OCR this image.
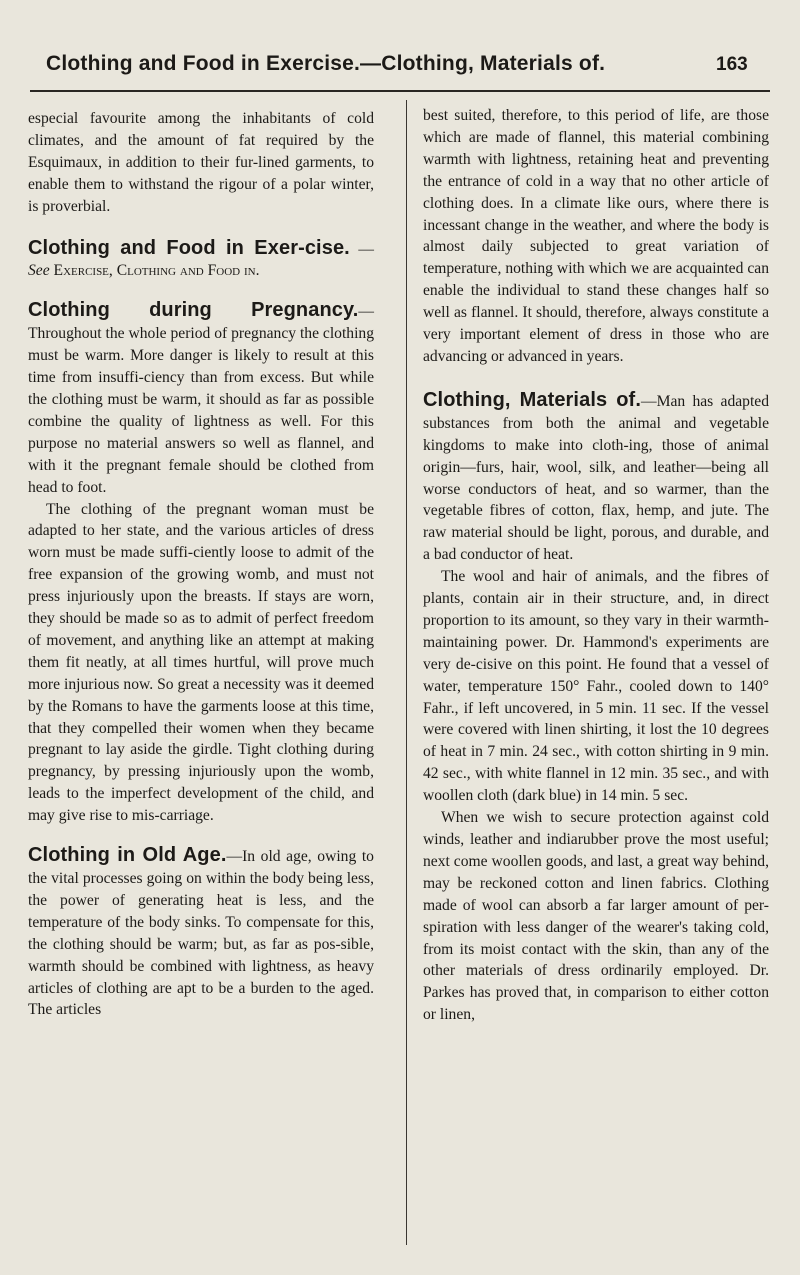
Clothing and Food in Exercise.—Clothing, Materials of.	163

especial favourite among the inhabitants of cold climates, and the amount of fat required by the Esquimaux, in addition to their fur-lined garments, to enable them to withstand the rigour of a polar winter, is proverbial.

Clothing and Food in Exer-cise. — See Exercise, Clothing and Food in.

Clothing during Pregnancy.— Throughout the whole period of pregnancy the clothing must be warm. More danger is likely to result at this time from insuffi-ciency than from excess. But while the clothing must be warm, it should as far as possible combine the quality of lightness as well. For this purpose no material answers so well as flannel, and with it the pregnant female should be clothed from head to foot.

The clothing of the pregnant woman must be adapted to her state, and the various articles of dress worn must be made suffi-ciently loose to admit of the free expansion of the growing womb, and must not press injuriously upon the breasts. If stays are worn, they should be made so as to admit of perfect freedom of movement, and anything like an attempt at making them fit neatly, at all times hurtful, will prove much more injurious now. So great a necessity was it deemed by the Romans to have the garments loose at this time, that they compelled their women when they became pregnant to lay aside the girdle. Tight clothing during pregnancy, by pressing injuriously upon the womb, leads to the imperfect development of the child, and may give rise to mis-carriage.

Clothing in Old Age.—In old age, owing to the vital processes going on within the body being less, the power of generating heat is less, and the temperature of the body sinks. To compensate for this, the clothing should be warm; but, as far as pos-sible, warmth should be combined with lightness, as heavy articles of clothing are apt to be a burden to the aged. The articles

best suited, therefore, to this period of life, are those which are made of flannel, this material combining warmth with lightness, retaining heat and preventing the entrance of cold in a way that no other article of clothing does. In a climate like ours, where there is incessant change in the weather, and where the body is almost daily subjected to great variation of temperature, nothing with which we are acquainted can enable the individual to stand these changes half so well as flannel. It should, therefore, always constitute a very important element of dress in those who are advancing or advanced in years.

Clothing, Materials of.—Man has adapted substances from both the animal and vegetable kingdoms to make into cloth-ing, those of animal origin—furs, hair, wool, silk, and leather—being all worse conductors of heat, and so warmer, than the vegetable fibres of cotton, flax, hemp, and jute. The raw material should be light, porous, and durable, and a bad conductor of heat.

The wool and hair of animals, and the fibres of plants, contain air in their structure, and, in direct proportion to its amount, so they vary in their warmth-maintaining power. Dr. Hammond's experiments are very de-cisive on this point. He found that a vessel of water, temperature 150° Fahr., cooled down to 140° Fahr., if left uncovered, in 5 min. 11 sec. If the vessel were covered with linen shirting, it lost the 10 degrees of heat in 7 min. 24 sec., with cotton shirting in 9 min. 42 sec., with white flannel in 12 min. 35 sec., and with woollen cloth (dark blue) in 14 min. 5 sec.

When we wish to secure protection against cold winds, leather and indiarubber prove the most useful; next come woollen goods, and last, a great way behind, may be reckoned cotton and linen fabrics. Clothing made of wool can absorb a far larger amount of per-spiration with less danger of the wearer's taking cold, from its moist contact with the skin, than any of the other materials of dress ordinarily employed. Dr. Parkes has proved that, in comparison to either cotton or linen,
